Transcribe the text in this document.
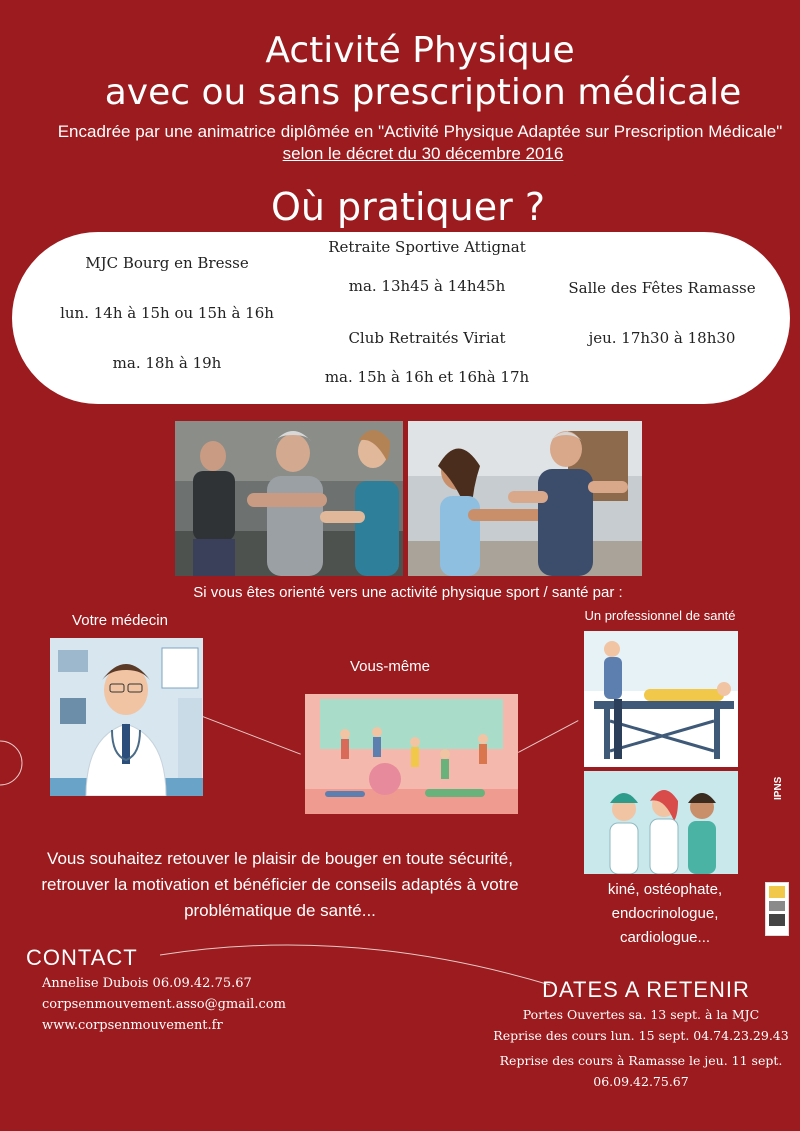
Activité Physique
avec ou sans prescription médicale
Encadrée par une animatrice diplômée en "Activité Physique Adaptée sur Prescription Médicale"
selon le décret du 30 décembre 2016
Où pratiquer ?
MJC Bourg en Bresse
lun. 14h à 15h ou 15h à 16h
ma. 18h à 19h
Retraite Sportive Attignat
ma. 13h45 à 14h45h
Club Retraités Viriat
ma. 15h à 16h et 16hà 17h
Salle des Fêtes Ramasse
jeu. 17h30 à 18h30
Si vous êtes orienté vers une activité physique sport / santé par :
Votre médecin
Vous-même
Un professionnel de santé
kiné, ostéophate,
endocrinologue,
cardiologue...
Vous souhaitez retouver le plaisir de bouger en toute sécurité,
retrouver la motivation et bénéficier de conseils adaptés à votre
problématique de santé...
CONTACT
Annelise Dubois 06.09.42.75.67
corpsenmouvement.asso@gmail.com
www.corpsenmouvement.fr
DATES A RETENIR
Portes Ouvertes sa. 13 sept. à la MJC
Reprise des cours lun. 15 sept. 04.74.23.29.43
Reprise des cours à Ramasse le jeu. 11 sept.
06.09.42.75.67
IPNS
